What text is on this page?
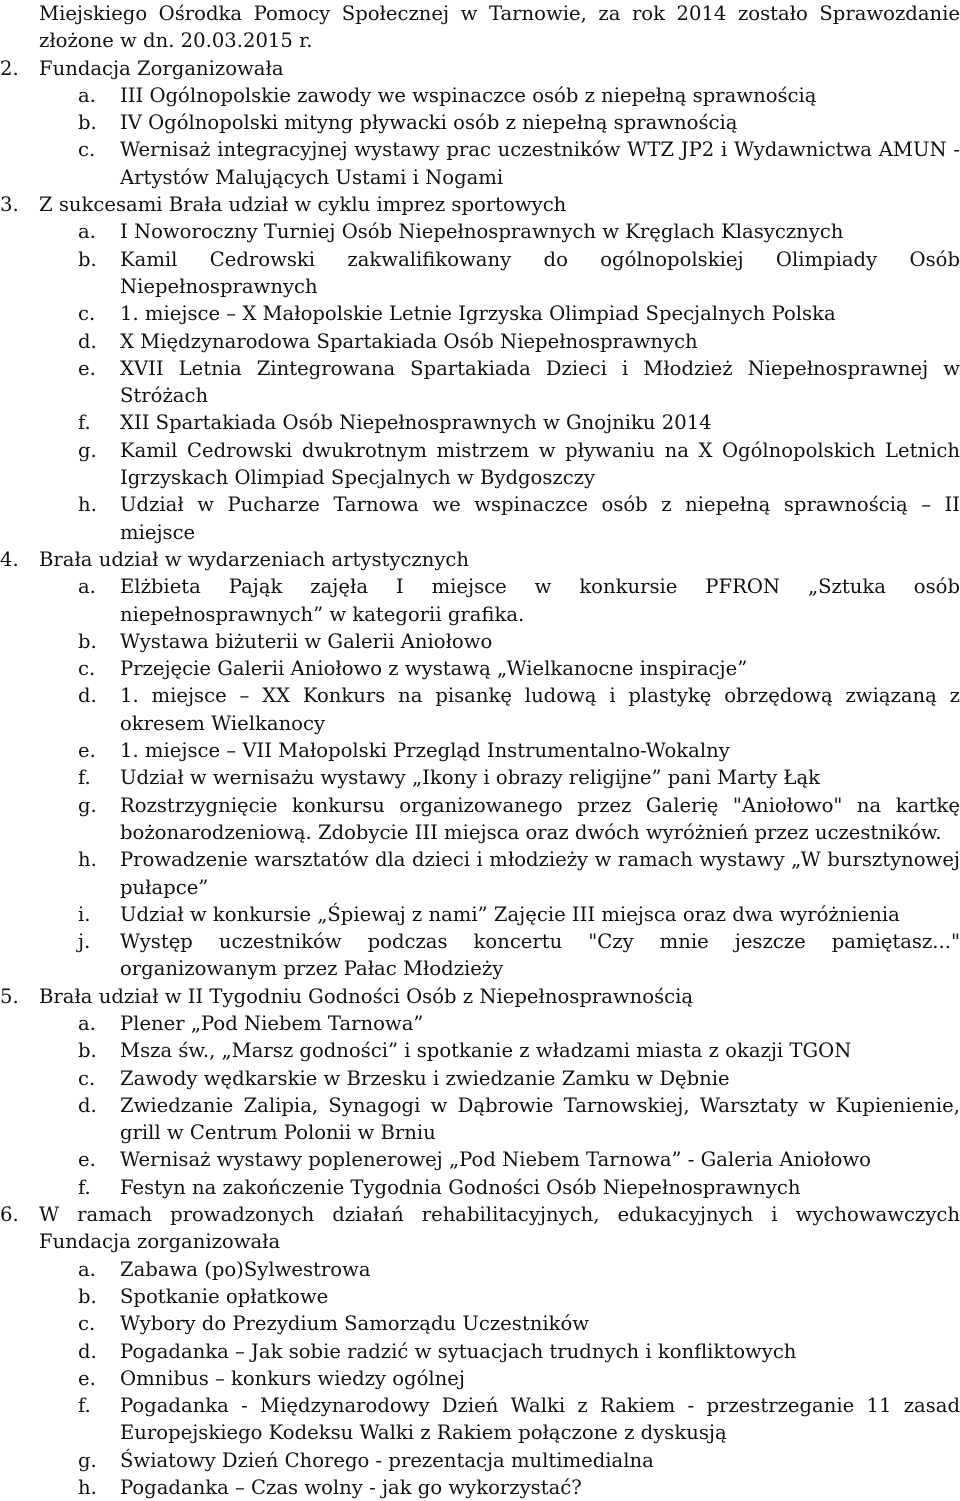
Miejskiego Ośrodka Pomocy Społecznej w Tarnowie, za rok 2014 zostało Sprawozdanie złożone w dn. 20.03.2015 r.
2.	Fundacja Zorganizowała
a.	III Ogólnopolskie zawody we wspinaczce osób z niepełną sprawnością
b.	IV Ogólnopolski mityng pływacki osób z niepełną sprawnością
c.	Wernisaż integracyjnej wystawy prac uczestników WTZ JP2 i Wydawnictwa AMUN - Artystów Malujących Ustami i Nogami
3.	Z sukcesami Brała udział w cyklu imprez sportowych
a.	I Noworoczny Turniej Osób Niepełnosprawnych w Kręglach Klasycznych
b.	Kamil Cedrowski zakwalifikowany do ogólnopolskiej Olimpiady Osób Niepełnosprawnych
c.	1. miejsce – X Małopolskie Letnie Igrzyska Olimpiad Specjalnych Polska
d.	X Międzynarodowa Spartakiada Osób Niepełnosprawnych
e.	XVII Letnia Zintegrowana Spartakiada Dzieci i Młodzież Niepełnosprawnej w Stróżach
f.	XII Spartakiada Osób Niepełnosprawnych w Gnojniku 2014
g.	Kamil Cedrowski dwukrotnym mistrzem w pływaniu na X Ogólnopolskich Letnich Igrzyskach Olimpiad Specjalnych w Bydgoszczy
h.	Udział w Pucharze Tarnowa we wspinaczce osób z niepełną sprawnością – II miejsce
4.	Brała udział w wydarzeniach artystycznych
a.	Elżbieta Pająk zajęła I miejsce w konkursie PFRON „Sztuka osób niepełnosprawnych” w kategorii grafika.
b.	Wystawa biżuterii w Galerii Aniołowo
c.	Przejęcie Galerii Aniołowo z wystawą „Wielkanocne inspiracje”
d.	1. miejsce – XX Konkurs na pisankę ludową i plastykę obrzędową związaną z okresem Wielkanocy
e.	1. miejsce – VII Małopolski Przegląd Instrumentalno-Wokalny
f.	Udział w wernisażu wystawy „Ikony i obrazy religijne” pani Marty Łąk
g.	Rozstrzygnięcie konkursu organizowanego przez Galerię "Aniołowo" na kartkę bożonarodzeniową. Zdobycie III miejsca oraz dwóch wyróżnień przez uczestników.
h.	Prowadzenie warsztatów dla dzieci i młodzieży w ramach wystawy „W bursztynowej pułapce”
i.	Udział w konkursie „Śpiewaj z nami” Zajęcie III miejsca oraz dwa wyróżnienia
j.	Występ uczestników podczas koncertu "Czy mnie jeszcze pamiętasz..." organizowanym przez Pałac Młodzieży
5.	Brała udział w II Tygodniu Godności Osób z Niepełnosprawnością
a.	Plener „Pod Niebem Tarnowa”
b.	Msza św., „Marsz godności” i spotkanie z władzami miasta z okazji TGON
c.	Zawody wędkarskie w Brzesku i zwiedzanie Zamku w Dębnie
d.	Zwiedzanie Zalipia, Synagogi w Dąbrowie Tarnowskiej, Warsztaty w Kupienienie, grill w Centrum Polonii w Brniu
e.	Wernisaż wystawy poplenerowej „Pod Niebem Tarnowa” - Galeria Aniołowo
f.	Festyn na zakończenie Tygodnia Godności Osób Niepełnosprawnych
6.	W ramach prowadzonych działań rehabilitacyjnych, edukacyjnych i wychowawczych Fundacja zorganizowała
a.	Zabawa (po)Sylwestrowa
b.	Spotkanie opłatkowe
c.	Wybory do Prezydium Samorządu Uczestników
d.	Pogadanka – Jak sobie radzić w sytuacjach trudnych i konfliktowych
e.	Omnibus – konkurs wiedzy ogólnej
f.	Pogadanka - Międzynarodowy Dzień Walki z Rakiem - przestrzeganie 11 zasad Europejskiego Kodeksu Walki z Rakiem połączone z dyskusją
g.	Światowy Dzień Chorego - prezentacja multimedialna
h.	Pogadanka – Czas wolny - jak go wykorzystać?
